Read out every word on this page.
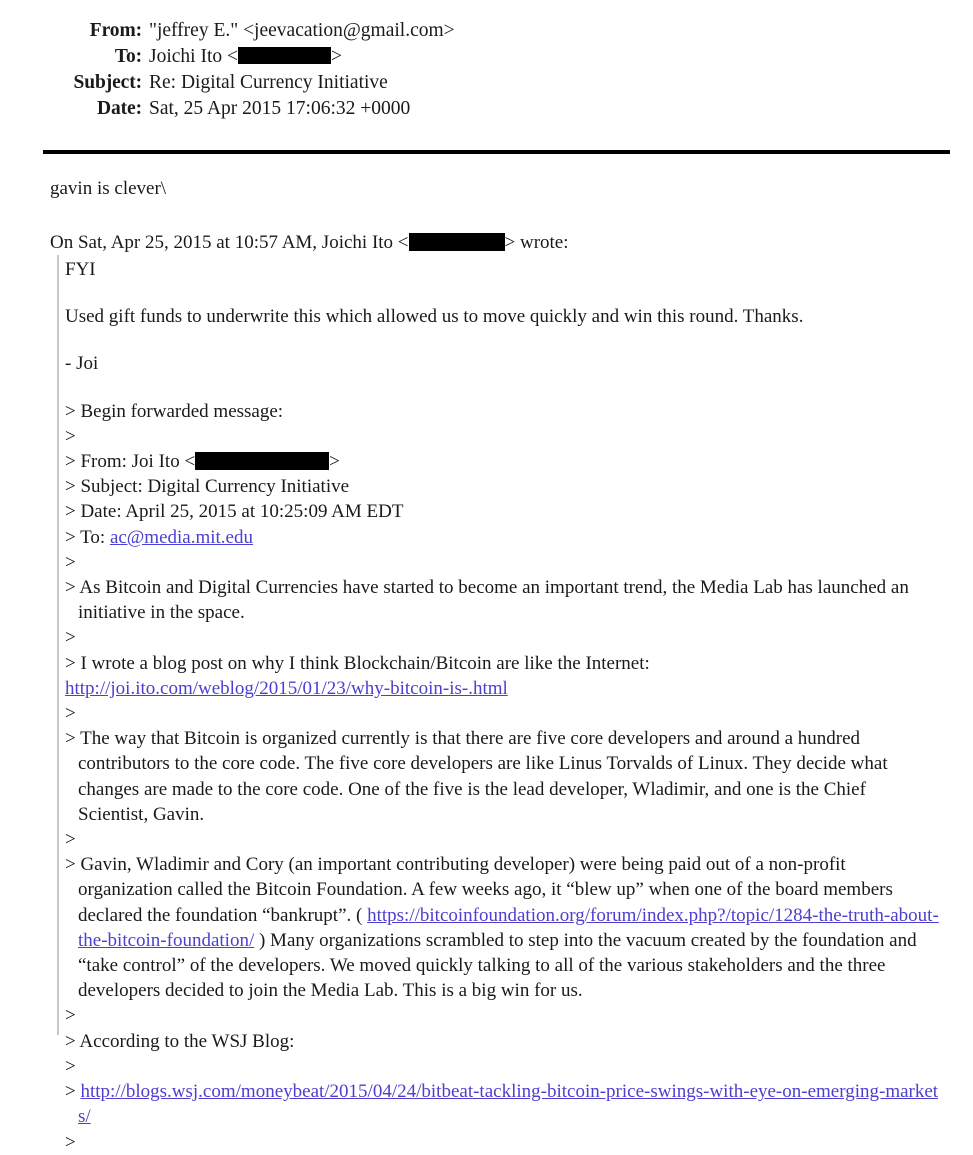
From: "jeffrey E." <jeevacation@gmail.com>
To: Joichi Ito <	>
Subject: Re: Digital Currency Initiative
Date: Sat, 25 Apr 2015 17:06:32 +0000

gavin is clever\

On Sat, Apr 25, 2015 at 10:57 AM, Joichi Ito <	> wrote:

FYI

Used gift funds to underwrite this which allowed us to move quickly and win this round. Thanks.

- Joi

> Begin forwarded message:

>

> From: Joi Ito <	>

> Subject: Digital Currency Initiative

> Date: April 25, 2015 at 10:25:09 AM EDT

> To: ac@media.mit.edu

>

> As Bitcoin and Digital Currencies have started to become an important trend, the Media Lab has launched an initiative in the space.

>

> I wrote a blog post on why I think Blockchain/Bitcoin are like the Internet:

http://joi.ito.com/weblog/2015/01/23/why-bitcoin-is-.html

>

> The way that Bitcoin is organized currently is that there are five core developers and around a hundred contributors to the core code. The five core developers are like Linus Torvalds of Linux. They decide what changes are made to the core code. One of the five is the lead developer, Wladimir, and one is the Chief Scientist, Gavin.

>

> Gavin, Wladimir and Cory (an important contributing developer) were being paid out of a non-profit organization called the Bitcoin Foundation. A few weeks ago, it “blew up” when one of the board members declared the foundation “bankrupt”. ( https://bitcoinfoundation.org/forum/index.php?/topic/1284-the-truth-about-the-bitcoin-foundation/ ) Many organizations scrambled to step into the vacuum created by the foundation and “take control” of the developers. We moved quickly talking to all of the various stakeholders and the three developers decided to join the Media Lab. This is a big win for us.

>

> According to the WSJ Blog:

>

> http://blogs.wsj.com/moneybeat/2015/04/24/bitbeat-tackling-bitcoin-price-swings-with-eye-on-emerging-markets/

>
